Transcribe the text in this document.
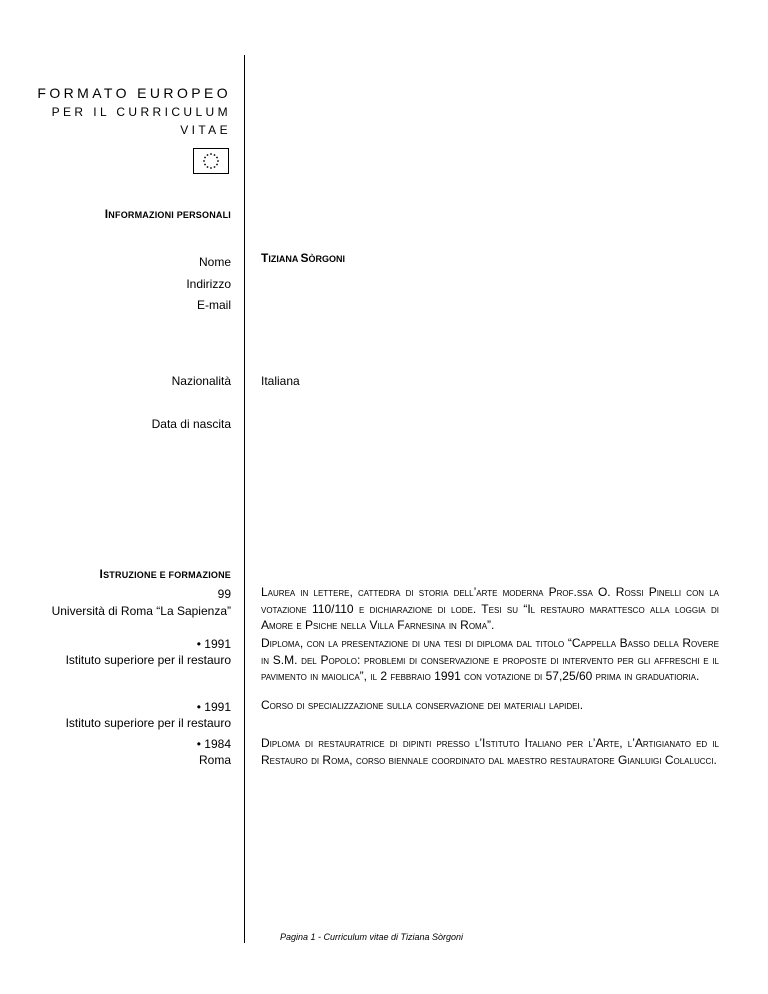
FORMATO EUROPEO
PER IL CURRICULUM
VITAE
INFORMAZIONI PERSONALI
Nome	TIZIANA SÒRGONI
Indirizzo
E-mail
Nazionalità	Italiana
Data di nascita
ISTRUZIONE E FORMAZIONE
99
Università di Roma “La Sapienza”
Laurea in lettere, cattedra di storia dell’arte moderna Prof.ssa O. Rossi Pinelli con la votazione 110/110 e dichiarazione di lode. Tesi su “Il restauro marattesco alla loggia di Amore e Psiche nella Villa Farnesina in Roma”.
• 1991
Istituto superiore per il restauro
Diploma, con la presentazione di una tesi di diploma dal titolo “Cappella Basso della Rovere in S.M. del Popolo: problemi di conservazione e proposte di intervento per gli affreschi e il pavimento in maiolica”, il 2 febbraio 1991 con votazione di 57,25/60 prima in graduatioria.
• 1991
Istituto superiore per il restauro
Corso di specializzazione sulla conservazione dei materiali lapidei.
• 1984
Roma
Diploma di restauratrice di dipinti presso l’Istituto Italiano per l’Arte, l’Artigianato ed il Restauro di Roma, corso biennale coordinato dal maestro restauratore Gianluigi Colalucci.
Pagina 1 - Curriculum vitae di Tiziana Sòrgoni
